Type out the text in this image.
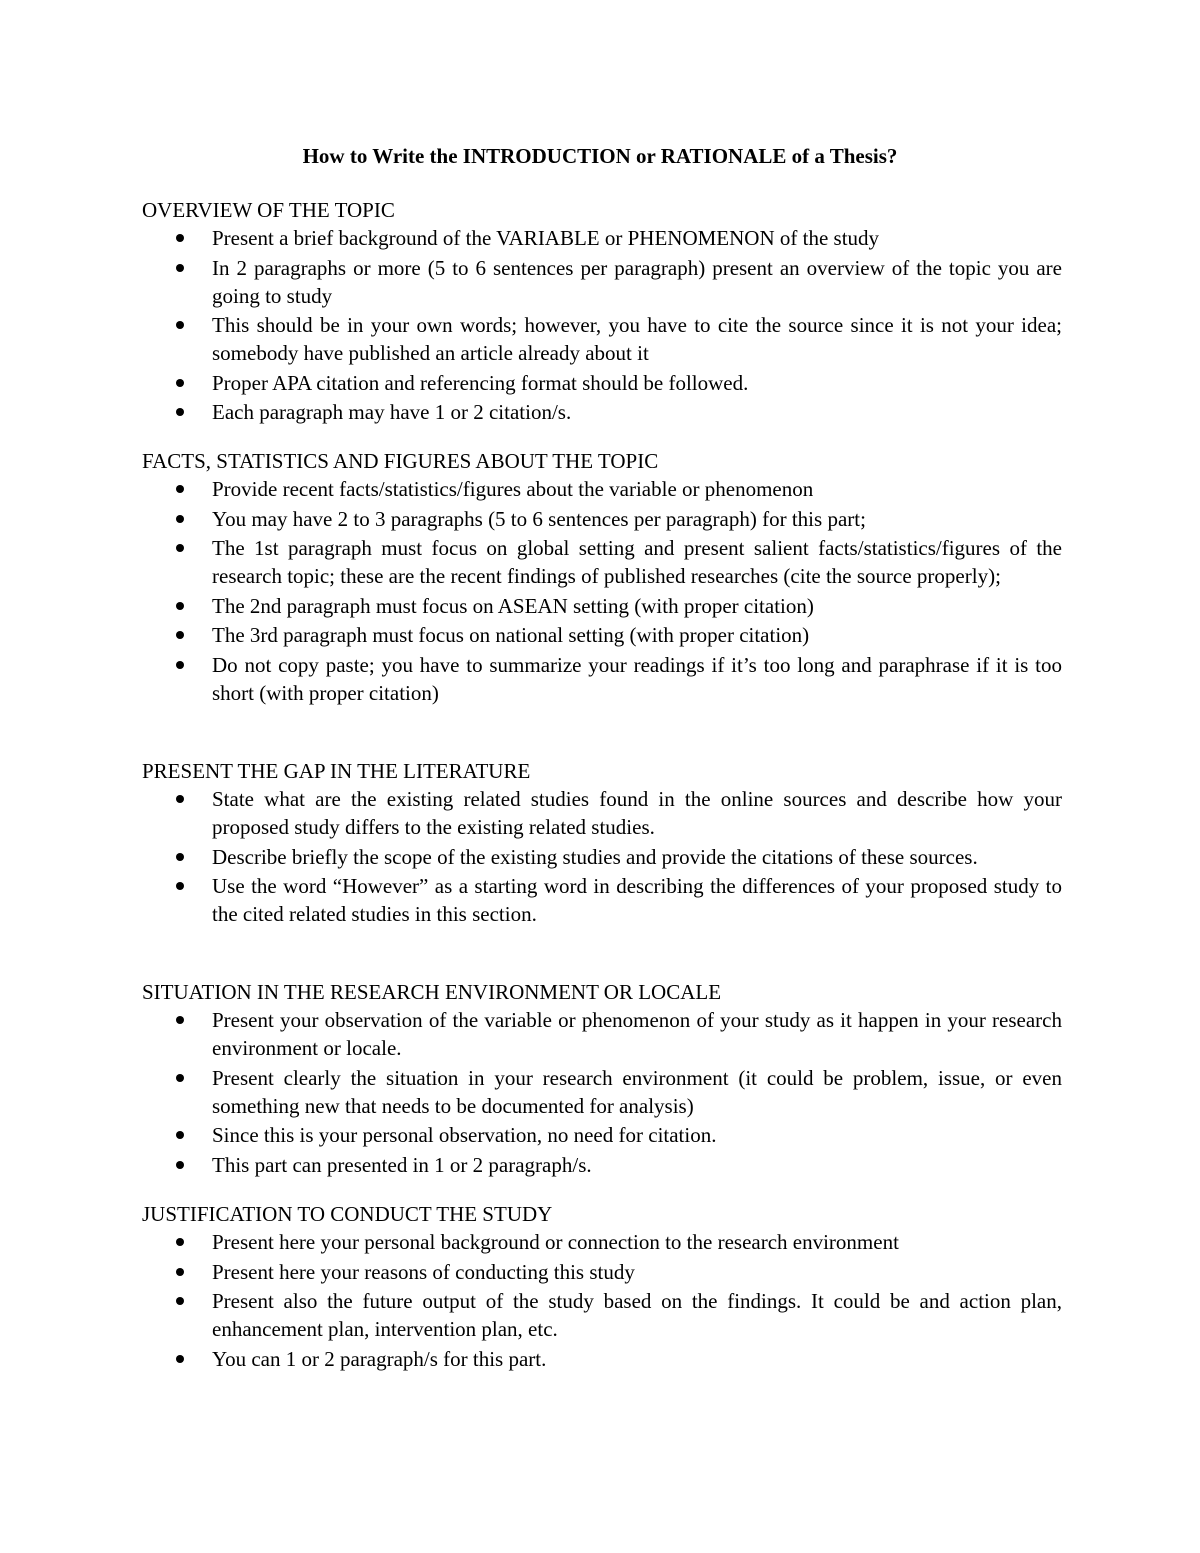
How to Write the INTRODUCTION or RATIONALE of a Thesis?
OVERVIEW OF THE TOPIC
Present a brief background of the VARIABLE or PHENOMENON of the study
In 2 paragraphs or more (5 to 6 sentences per paragraph) present an overview of the topic you are going to study
This should be in your own words; however, you have to cite the source since it is not your idea; somebody have published an article already about it
Proper APA citation and referencing format should be followed.
Each paragraph may have 1 or 2 citation/s.
FACTS, STATISTICS AND FIGURES ABOUT THE TOPIC
Provide recent facts/statistics/figures about the variable or phenomenon
You may have 2 to 3 paragraphs (5 to 6 sentences per paragraph) for this part;
The 1st paragraph must focus on global setting and present salient facts/statistics/figures of the research topic; these are the recent findings of published researches (cite the source properly);
The 2nd paragraph must focus on ASEAN setting (with proper citation)
The 3rd paragraph must focus on national setting (with proper citation)
Do not copy paste; you have to summarize your readings if it’s too long and paraphrase if it is too short (with proper citation)
PRESENT THE GAP IN THE LITERATURE
State what are the existing related studies found in the online sources and describe how your proposed study differs to the existing related studies.
Describe briefly the scope of the existing studies and provide the citations of these sources.
Use the word “However” as a starting word in describing the differences of your proposed study to the cited related studies in this section.
SITUATION IN THE RESEARCH ENVIRONMENT OR LOCALE
Present your observation of the variable or phenomenon of your study as it happen in your research environment or locale.
Present clearly the situation in your research environment (it could be problem, issue, or even something new that needs to be documented for analysis)
Since this is your personal observation, no need for citation.
This part can presented in 1 or 2 paragraph/s.
JUSTIFICATION TO CONDUCT THE STUDY
Present here your personal background or connection to the research environment
Present here your reasons of conducting this study
Present also the future output of the study based on the findings. It could be and action plan, enhancement plan, intervention plan, etc.
You can 1 or 2 paragraph/s for this part.
